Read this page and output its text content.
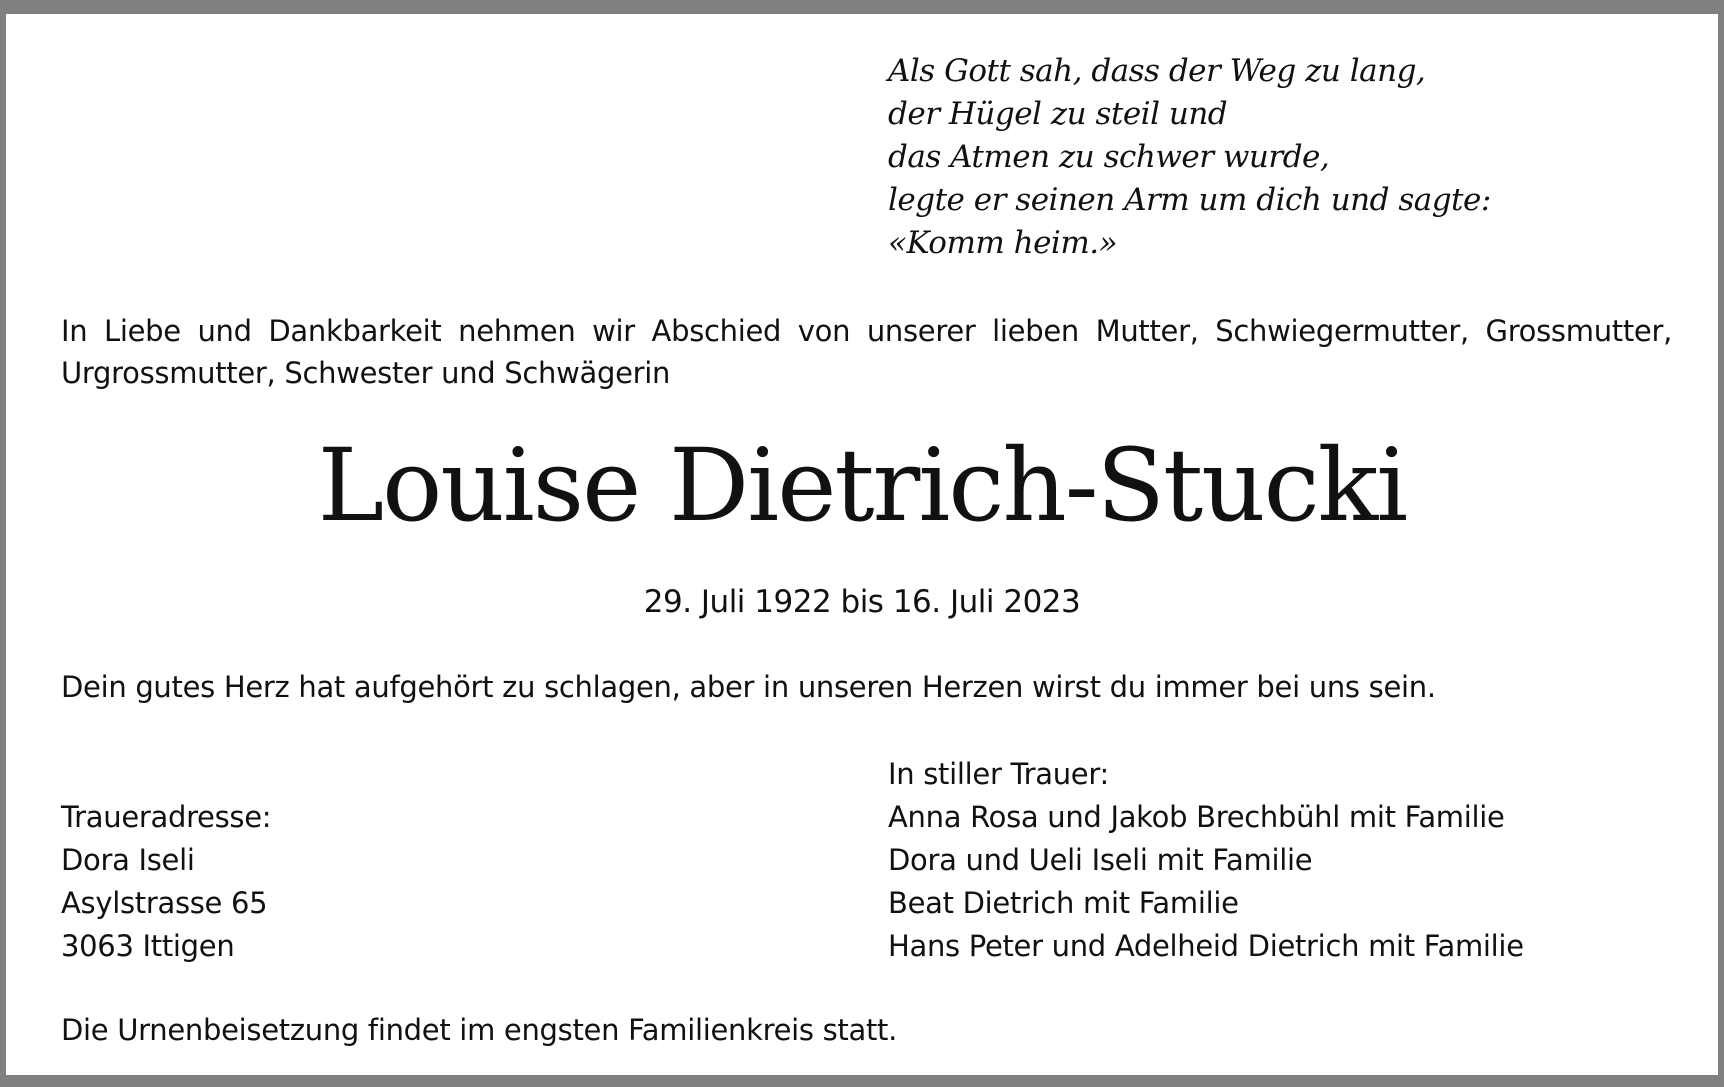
Als Gott sah, dass der Weg zu lang,
der Hügel zu steil und
das Atmen zu schwer wurde,
legte er seinen Arm um dich und sagte:
«Komm heim.»
In Liebe und Dankbarkeit nehmen wir Abschied von unserer lieben Mutter, Schwiegermutter, Grossmutter, Urgrossmutter, Schwester und Schwägerin
Louise Dietrich-Stucki
29. Juli 1922 bis 16. Juli 2023
Dein gutes Herz hat aufgehört zu schlagen, aber in unseren Herzen wirst du immer bei uns sein.
Traueradresse:
Dora Iseli
Asylstrasse 65
3063 Ittigen
In stiller Trauer:
Anna Rosa und Jakob Brechbühl mit Familie
Dora und Ueli Iseli mit Familie
Beat Dietrich mit Familie
Hans Peter und Adelheid Dietrich mit Familie
Die Urnenbeisetzung findet im engsten Familienkreis statt.
